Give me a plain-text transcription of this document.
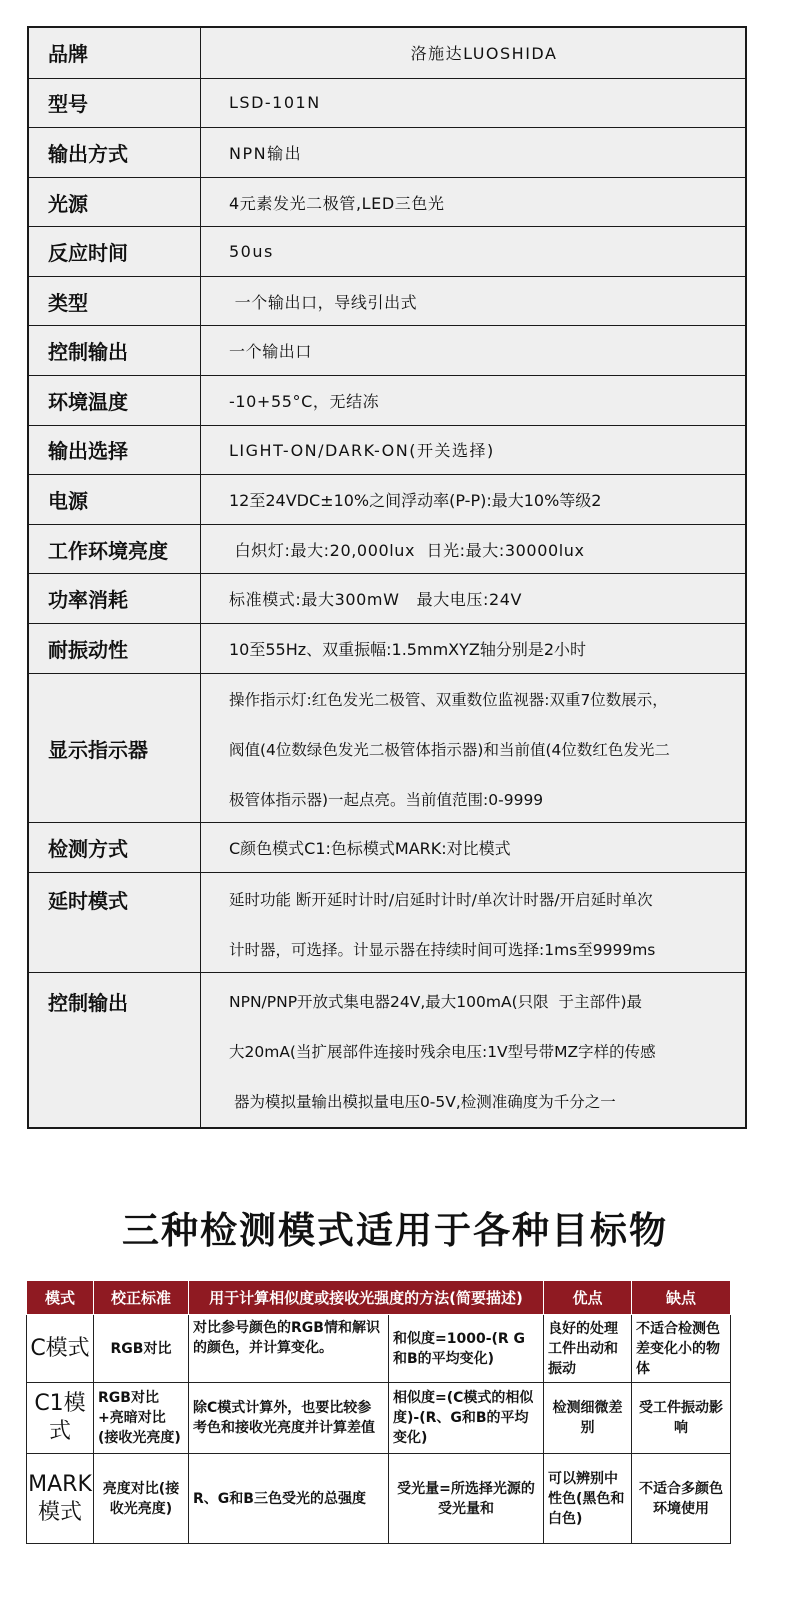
品牌	洛施达LUOSHIDA
型号	LSD-101N
输出方式	NPN输出
光源	4元素发光二极管,LED三色光
反应时间	50us
类型	一个输出口，导线引出式
控制输出	一个输出口
环境温度	-10+55°C，无结冻
输出选择	LIGHT-ON/DARK-ON(开关选择)
电源	12至24VDC±10%之间浮动率(P-P):最大10%等级2
工作环境亮度	白炽灯:最大:20,000lux  日光:最大:30000lux
功率消耗	标准模式:最大300mW   最大电压:24V
耐振动性	10至55Hz、双重振幅:1.5mmXYZ轴分别是2小时
显示指示器
操作指示灯:红色发光二极管、双重数位监视器:双重7位数展示，
阀值(4位数绿色发光二极管体指示器)和当前值(4位数红色发光二
极管体指示器)一起点亮。当前值范围:0-9999
检测方式	C颜色模式C1:色标模式MARK:对比模式
延时模式	延时功能 断开延时计时/启延时计时/单次计时器/开启延时单次
计时器，可选择。计显示器在持续时间可选择:1ms至9999ms
控制输出	NPN/PNP开放式集电器24V,最大100mA(只限  于主部件)最
大20mA(当扩展部件连接时残余电压:1V型号带MZ字样的传感
器为模拟量输出模拟量电压0-5V,检测准确度为千分之一
三种检测模式适用于各种目标物
模式	校正标准	用于计算相似度或接收光强度的方法(简要描述)		优点	缺点
C模式	RGB对比	对比参号颜色的RGB情和解识的颜色，并计算变化。	和似度=1000-(R G和B的平均变化)	良好的处理工件出动和振动	不适合检测色差变化小的物体
C1模式	RGB对比+亮暗对比(接收光亮度)	除C模式计算外，也要比较参考色和接收光亮度并计算差值	相似度=(C模式的相似度)-(R、G和B的平均变化)	检测细微差别	受工件振动影响
MARK模式	亮度对比(接收光亮度)	R、G和B三色受光的总强度	受光量=所选择光源的受光量和	可以辨别中性色(黑色和白色)	不适合多颜色环境使用
